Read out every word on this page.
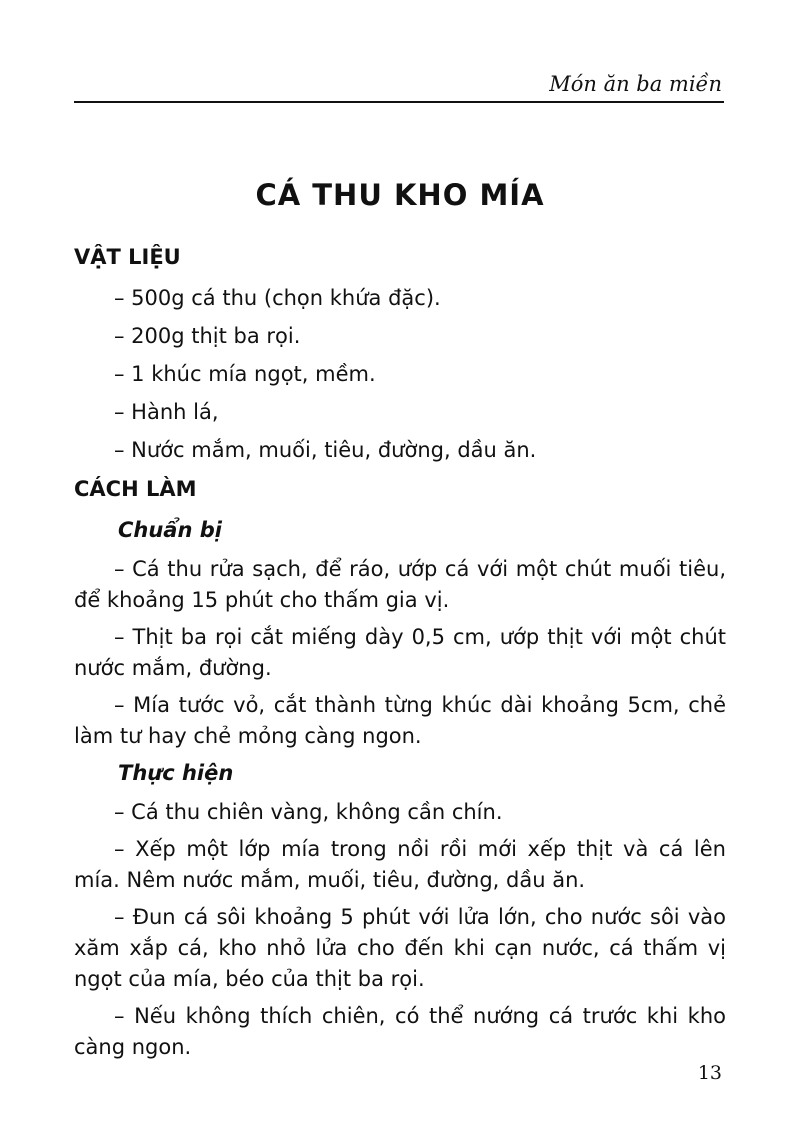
Món ăn ba miền
CÁ THU KHO MÍA
VẬT LIỆU
– 500g cá thu (chọn khứa đặc).
– 200g thịt ba rọi.
– 1 khúc mía ngọt, mềm.
– Hành lá,
– Nước mắm, muối, tiêu, đường, dầu ăn.
CÁCH LÀM
Chuẩn bị

– Cá thu rửa sạch, để ráo, ướp cá với một chút muối tiêu, để khoảng 15 phút cho thấm gia vị.

– Thịt ba rọi cắt miếng dày 0,5 cm, ướp thịt với một chút nước mắm, đường.

– Mía tước vỏ, cắt thành từng khúc dài khoảng 5cm, chẻ làm tư hay chẻ mỏng càng ngon.

Thực hiện

– Cá thu chiên vàng, không cần chín.

– Xếp một lớp mía trong nồi rồi mới xếp thịt và cá lên mía. Nêm nước mắm, muối, tiêu, đường, dầu ăn.

– Đun cá sôi khoảng 5 phút với lửa lớn, cho nước sôi vào xăm xắp cá, kho nhỏ lửa cho đến khi cạn nước, cá thấm vị ngọt của mía, béo của thịt ba rọi.

– Nếu không thích chiên, có thể nướng cá trước khi kho càng ngon.

13
